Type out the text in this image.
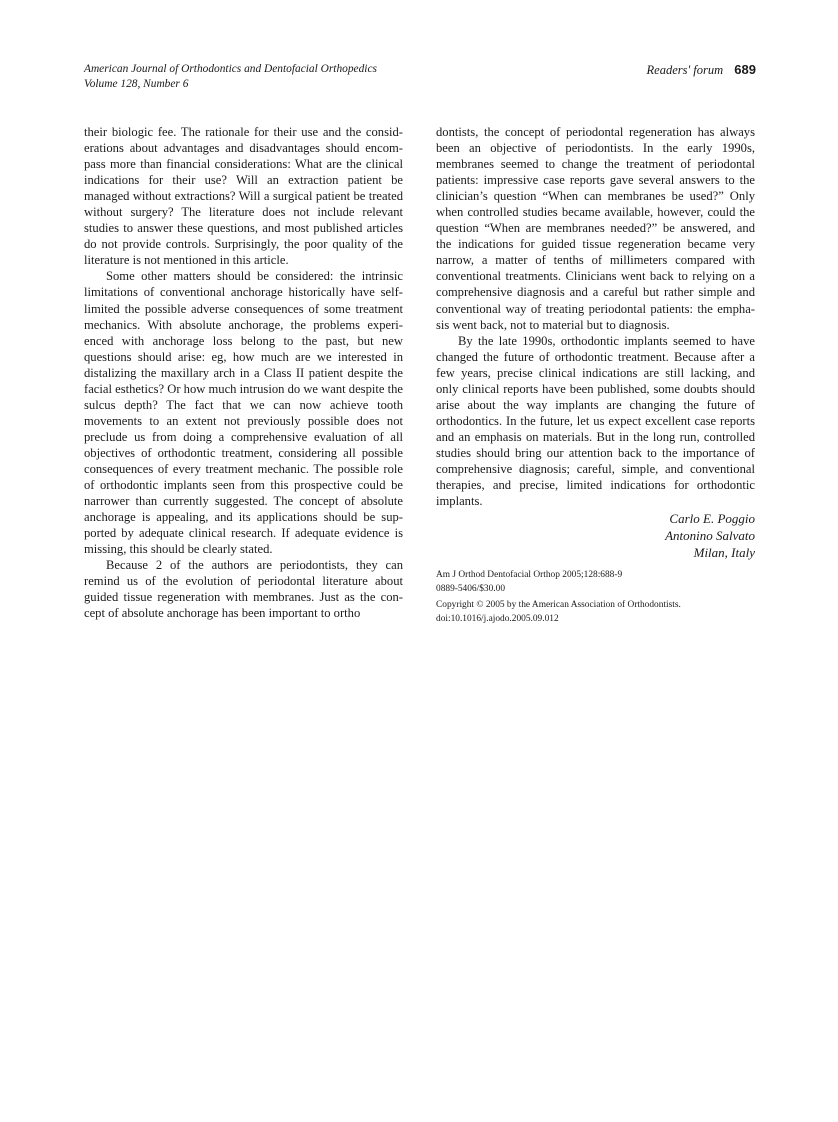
American Journal of Orthodontics and Dentofacial Orthopedics
Volume 128, Number 6
Readers' forum 689

their biologic fee. The rationale for their use and the considerations about advantages and disadvantages should encompass more than financial considerations: What are the clinical indications for their use? Will an extraction patient be managed without extractions? Will a surgical patient be treated without surgery? The literature does not include relevant studies to answer these questions, and most published articles do not provide controls. Surprisingly, the poor quality of the literature is not mentioned in this article.

Some other matters should be considered: the intrinsic limitations of conventional anchorage historically have self-limited the possible adverse consequences of some treatment mechanics. With absolute anchorage, the problems experienced with anchorage loss belong to the past, but new questions should arise: eg, how much are we interested in distalizing the maxillary arch in a Class II patient despite the facial esthetics? Or how much intrusion do we want despite the sulcus depth? The fact that we can now achieve tooth movements to an extent not previously possible does not preclude us from doing a comprehensive evaluation of all objectives of orthodontic treatment, considering all possible consequences of every treatment mechanic. The possible role of orthodontic implants seen from this prospective could be narrower than currently suggested. The concept of absolute anchorage is appealing, and its applications should be supported by adequate clinical research. If adequate evidence is missing, this should be clearly stated.

Because 2 of the authors are periodontists, they can remind us of the evolution of periodontal literature about guided tissue regeneration with membranes. Just as the concept of absolute anchorage has been important to ortho

dontists, the concept of periodontal regeneration has always been an objective of periodontists. In the early 1990s, membranes seemed to change the treatment of periodontal patients: impressive case reports gave several answers to the clinician’s question “When can membranes be used?” Only when controlled studies became available, however, could the question “When are membranes needed?” be answered, and the indications for guided tissue regeneration became very narrow, a matter of tenths of millimeters compared with conventional treatments. Clinicians went back to relying on a comprehensive diagnosis and a careful but rather simple and conventional way of treating periodontal patients: the emphasis went back, not to material but to diagnosis.

By the late 1990s, orthodontic implants seemed to have changed the future of orthodontic treatment. Because after a few years, precise clinical indications are still lacking, and only clinical reports have been published, some doubts should arise about the way implants are changing the future of orthodontics. In the future, let us expect excellent case reports and an emphasis on materials. But in the long run, controlled studies should bring our attention back to the importance of comprehensive diagnosis; careful, simple, and conventional therapies, and precise, limited indications for orthodontic implants.

Carlo E. Poggio
Antonino Salvato
Milan, Italy
Am J Orthod Dentofacial Orthop 2005;128:688-9
0889-5406/$30.00
Copyright © 2005 by the American Association of Orthodontists.
doi:10.1016/j.ajodo.2005.09.012
